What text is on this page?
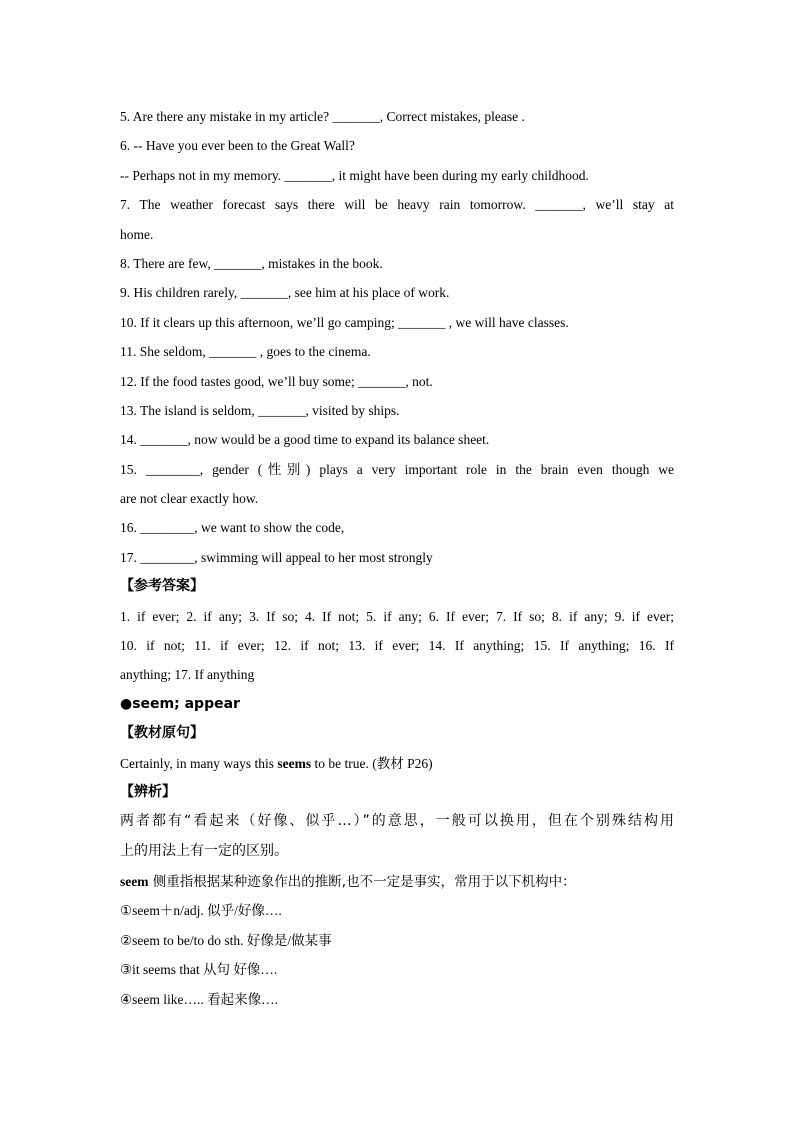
5. Are there any mistake in my article? _______, Correct mistakes, please .
6. -- Have you ever been to the Great Wall?
-- Perhaps not in my memory. _______, it might have been during my early childhood.
7. The weather forecast says there will be heavy rain tomorrow. _______, we’ll stay at
home.
8. There are few, _______, mistakes in the book.
9. His children rarely, _______, see him at his place of work.
10. If it clears up this afternoon, we’ll go camping; _______ , we will have classes.
11. She seldom, _______ , goes to the cinema.
12. If the food tastes good, we’ll buy some; _______, not.
13. The island is seldom, _______, visited by ships.
14. _______, now would be a good time to expand its balance sheet.
15. ________, gender (性别) plays a very important role in the brain even though we
are not clear exactly how.
16. ________, we want to show the code,
17. ________, swimming will appeal to her most strongly
【参考答案】
1. if ever; 2. if any; 3. If so; 4. If not; 5. if any; 6. If ever; 7. If so; 8. if any; 9. if ever;
10. if not; 11. if ever; 12. if not; 13. if ever; 14. If anything; 15. If anything; 16. If
anything; 17. If anything
●seem; appear
【教材原句】
Certainly, in many ways this seems to be true. (教材 P26)
【辨析】
两者都有“看起来（好像、似乎…）”的意思，一般可以换用，但在个别殊结构用
上的用法上有一定的区别。
seem 侧重指根据某种迹象作出的推断,也不一定是事实，常用于以下机构中：
①seem＋n/adj. 似乎/好像….
②seem to be/to do sth. 好像是/做某事
③it seems that 从句 好像….
④seem like….. 看起来像….
